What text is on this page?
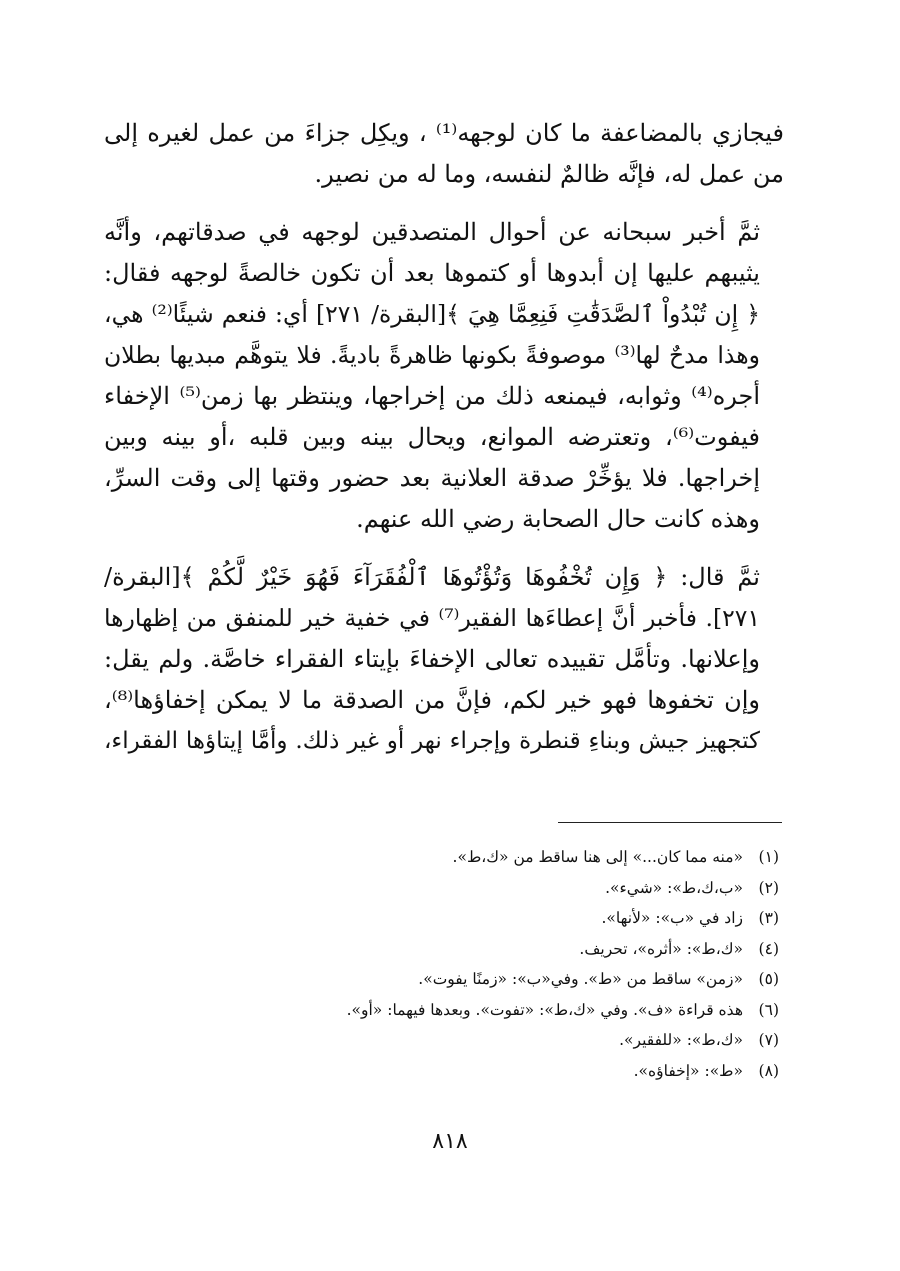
فيجازي بالمضاعفة ما كان لوجهه⁽¹⁾ ، ويكِل جزاءَ من عمل لغيره إلى
من عمل له، فإنَّه ظالمٌ لنفسه، وما له من نصير.

ثمَّ أخبر سبحانه عن أحوال المتصدقين لوجهه في صدقاتهم، وأنَّه
يثيبهم عليها إن أبدوها أو كتموها بعد أن تكون خالصةً لوجهه فقال:
﴿ إِن تُبْدُواْ ٱلصَّدَقَٰتِ فَنِعِمَّا هِيَ ﴾[البقرة/ ٢٧١] أي: فنعم شيئًا⁽²⁾ هي،
وهذا مدحٌ لها⁽³⁾ موصوفةً بكونها ظاهرةً باديةً. فلا يتوهَّم مبديها بطلان
أجره⁽⁴⁾ وثوابه، فيمنعه ذلك من إخراجها، وينتظر بها زمن⁽⁵⁾ الإخفاء
فيفوت⁽⁶⁾، وتعترضه الموانع، ويحال بينه وبين قلبه ،أو بينه وبين
إخراجها. فلا يؤخِّرْ صدقة العلانية بعد حضور وقتها إلى وقت السرِّ،
وهذه كانت حال الصحابة رضي الله عنهم.

ثمَّ قال: ﴿ وَإِن تُخْفُوهَا وَتُؤْتُوهَا ٱلْفُقَرَآءَ فَهُوَ خَيْرٌ لَّكُمْ ﴾[البقرة/
٢٧١]. فأخبر أنَّ إعطاءَها الفقير⁽⁷⁾ في خفية خير للمنفق من إظهارها
وإعلانها. وتأمَّل تقييده تعالى الإخفاءَ بإيتاء الفقراء خاصَّة. ولم يقل:
وإن تخفوها فهو خير لكم، فإنَّ من الصدقة ما لا يمكن إخفاؤها⁽⁸⁾،
كتجهيز جيش وبناءِ قنطرة وإجراء نهر أو غير ذلك. وأمَّا إيتاؤها الفقراء،

(١)«منه مما كان...» إلى هنا ساقط من «ك،ط».
(٢)«ب،ك،ط»: «شيء».
(٣)زاد في «ب»: «لأنها».
(٤)«ك،ط»: «أثره»، تحريف.
(٥)«زمن» ساقط من «ط». وفي«ب»: «زمنًا يفوت».
(٦)هذه قراءة «ف». وفي «ك،ط»: «تفوت». وبعدها فيهما: «أو».
(٧)«ك،ط»: «للفقير».
(٨)«ط»: «إخفاؤه».
٨١٨
